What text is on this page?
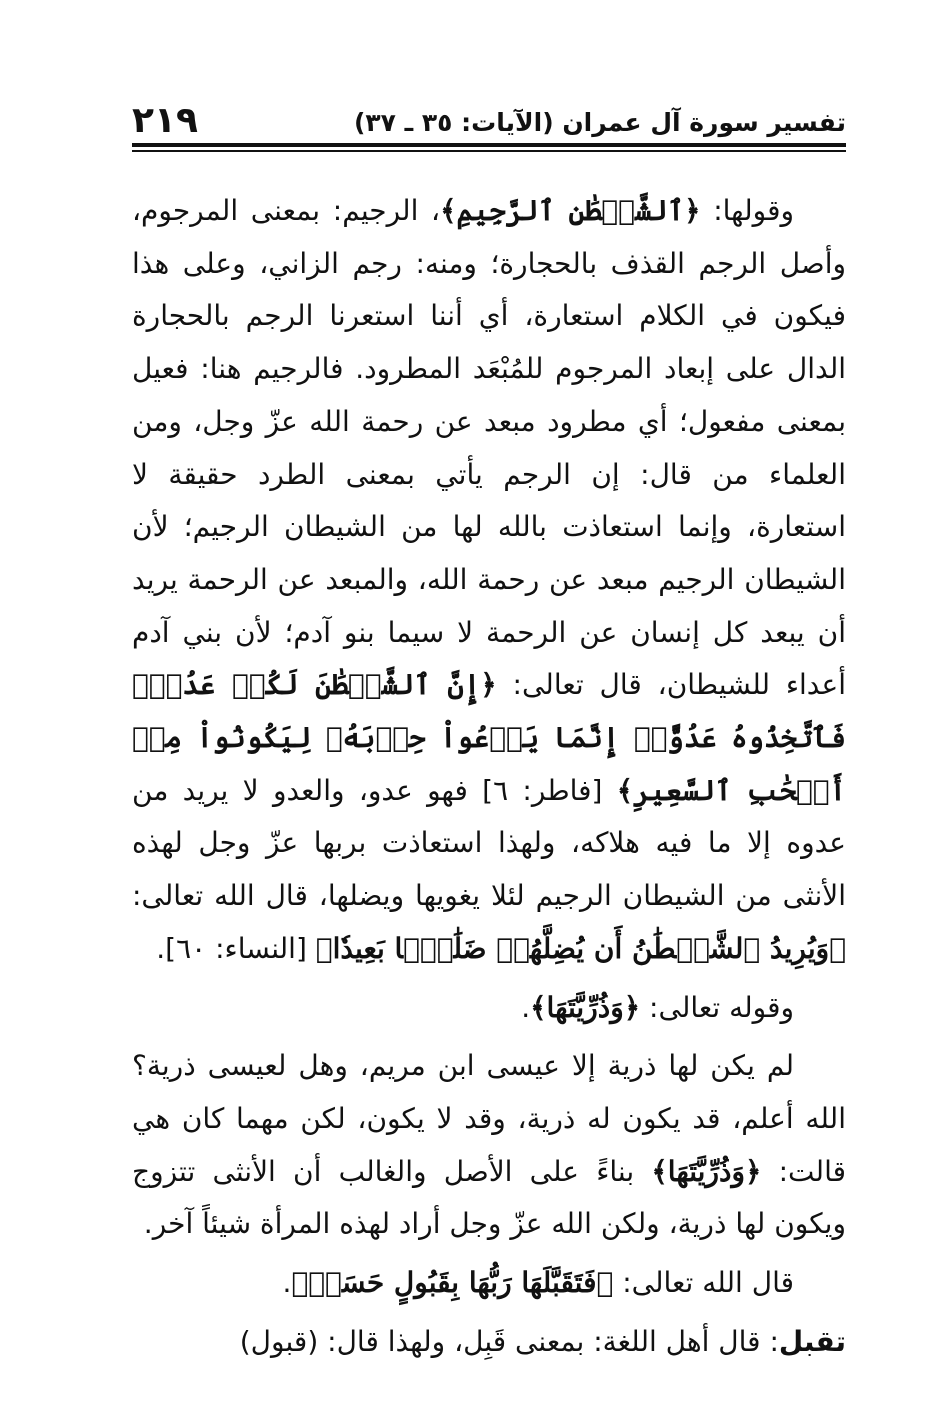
تفسير سورة آل عمران (الآيات: ٣٥ ـ ٣٧)
٢١٩

وقولها: ﴿ٱلشَّيۡطَٰنِ ٱلرَّجِيمِ﴾، الرجيم: بمعنى المرجوم، وأصل الرجم القذف بالحجارة؛ ومنه: رجم الزاني، وعلى هذا فيكون في الكلام استعارة، أي أننا استعرنا الرجم بالحجارة الدال على إبعاد المرجوم للمُبْعَد المطرود. فالرجيم هنا: فعيل بمعنى مفعول؛ أي مطرود مبعد عن رحمة الله عزّ وجل، ومن العلماء من قال: إن الرجم يأتي بمعنى الطرد حقيقة لا استعارة، وإنما استعاذت بالله لها من الشيطان الرجيم؛ لأن الشيطان الرجيم مبعد عن رحمة الله، والمبعد عن الرحمة يريد أن يبعد كل إنسان عن الرحمة لا سيما بنو آدم؛ لأن بني آدم أعداء للشيطان، قال تعالى: ﴿إِنَّ ٱلشَّيۡطَٰنَ لَكُمۡ عَدُوّٞ فَٱتَّخِذُوهُ عَدُوًّاۚ إِنَّمَا يَدۡعُواْ حِزۡبَهُۥ لِيَكُونُواْ مِنۡ أَصۡحَٰبِ ٱلسَّعِيرِ﴾ [فاطر: ٦] فهو عدو، والعدو لا يريد من عدوه إلا ما فيه هلاكه، ولهذا استعاذت بربها عزّ وجل لهذه الأنثى من الشيطان الرجيم لئلا يغويها ويضلها، قال الله تعالى: ﴿وَيُرِيدُ ٱلشَّيۡطَٰنُ أَن يُضِلَّهُمۡ ضَلَٰلَۢا بَعِيدٗا﴾ [النساء: ٦٠].

وقوله تعالى: ﴿وَذُرِّيَّتَهَا﴾.

لم يكن لها ذرية إلا عيسى ابن مريم، وهل لعيسى ذرية؟ الله أعلم، قد يكون له ذرية، وقد لا يكون، لكن مهما كان هي قالت: ﴿وَذُرِّيَّتَهَا﴾ بناءً على الأصل والغالب أن الأنثى تتزوج ويكون لها ذرية، ولكن الله عزّ وجل أراد لهذه المرأة شيئاً آخر.

قال الله تعالى: ﴿فَتَقَبَّلَهَا رَبُّهَا بِقَبُولٍ حَسَنٖ﴾.

تقبل: قال أهل اللغة: بمعنى قَبِل، ولهذا قال: (قبول)
